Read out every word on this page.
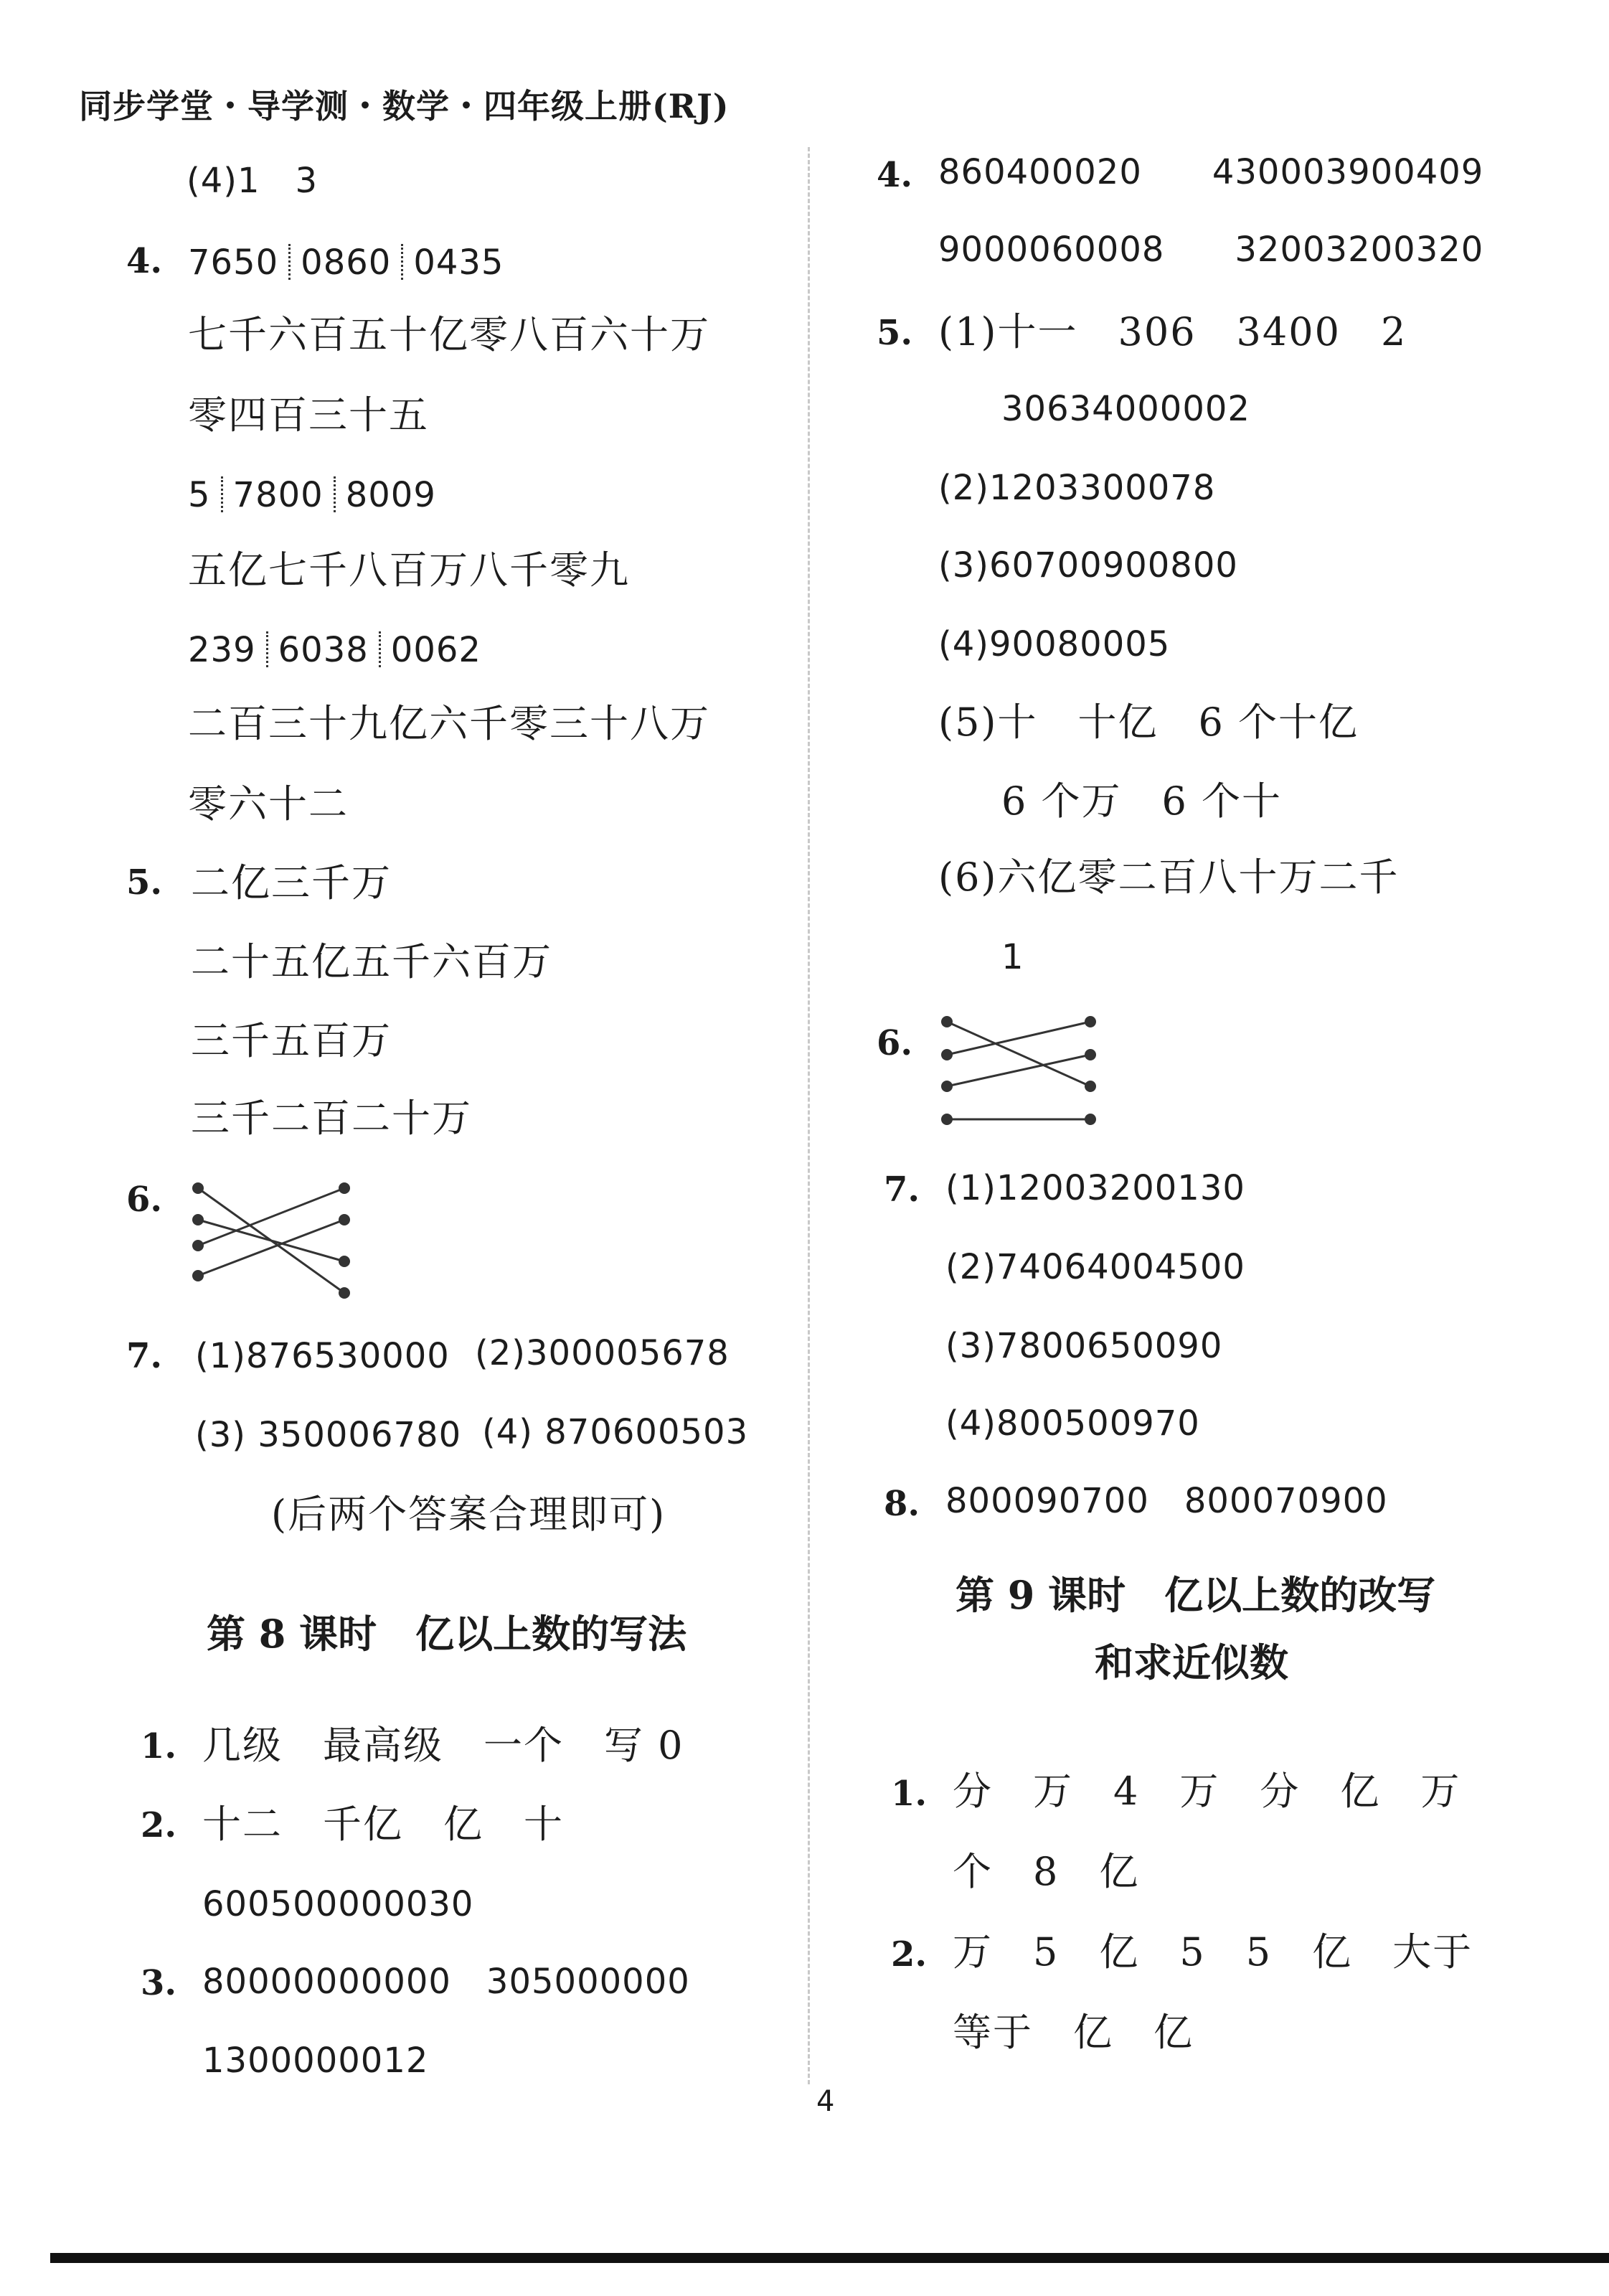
同步学堂・导学测・数学・四年级上册(RJ)
(4)1　3
4. 7650 0860 0435
七千六百五十亿零八百六十万
零四百三十五
5 7800 8009
五亿七千八百万八千零九
239 6038 0062
二百三十九亿六千零三十八万
零六十二
5. 二亿三千万
二十五亿五千六百万
三千五百万
三千二百二十万
6.
7. (1)876530000 (2)300005678
(3) 350006780 (4) 870600503
(后两个答案合理即可)
第 8 课时　亿以上数的写法
1. 几级　最高级　一个　写 0
2. 十二　千亿　亿　十
600500000030
3. 80000000000　305000000
1300000012
4. 860400020　　430003900409
9000060008　　32003200320
5. (1)十一　306　3400　2
30634000002
(2)1203300078
(3)60700900800
(4)90080005
(5)十　十亿　6 个十亿
6 个万　6 个十
(6)六亿零二百八十万二千
1
6.
7. (1)12003200130
(2)74064004500
(3)7800650090
(4)800500970
8. 800090700　800070900
第 9 课时　亿以上数的改写
和求近似数
1. 分　万　4　万　分　亿　万
个　8　亿
2. 万　5　亿　5　5　亿　大于
等于　亿　亿
4
